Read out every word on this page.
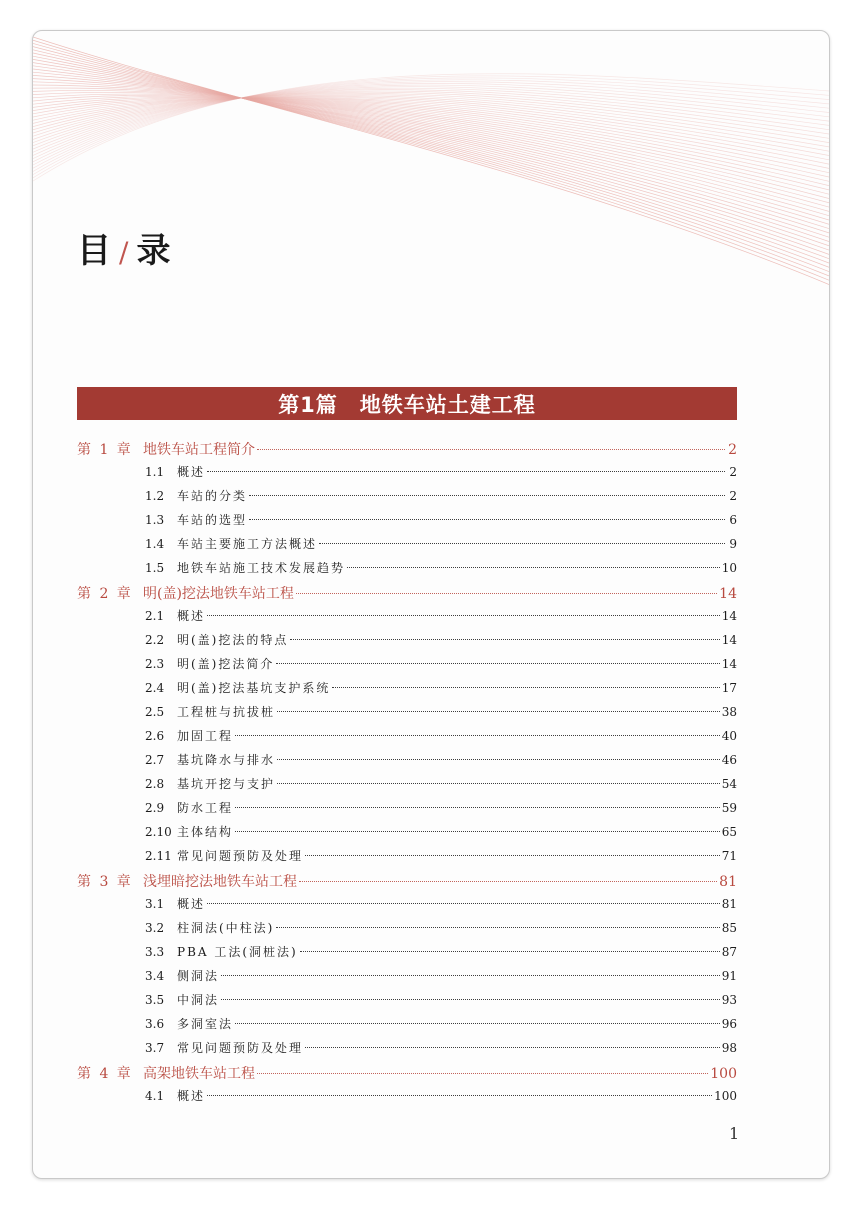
目 / 录
第1篇　地铁车站土建工程
第 1 章 地铁车站工程简介	2
1.1	概述	2
1.2	车站的分类	2
1.3	车站的选型	6
1.4	车站主要施工方法概述	9
1.5	地铁车站施工技术发展趋势	10
第 2 章 明(盖)挖法地铁车站工程	14
2.1	概述	14
2.2	明(盖)挖法的特点	14
2.3	明(盖)挖法简介	14
2.4	明(盖)挖法基坑支护系统	17
2.5	工程桩与抗拔桩	38
2.6	加固工程	40
2.7	基坑降水与排水	46
2.8	基坑开挖与支护	54
2.9	防水工程	59
2.10 主体结构	65
2.11 常见问题预防及处理	71
第 3 章 浅埋暗挖法地铁车站工程	81
3.1	概述	81
3.2	柱洞法(中柱法)	85
3.3	PBA 工法(洞桩法)	87
3.4	侧洞法	91
3.5	中洞法	93
3.6	多洞室法	96
3.7	常见问题预防及处理	98
第 4 章 高架地铁车站工程	100
4.1	概述	100
1
